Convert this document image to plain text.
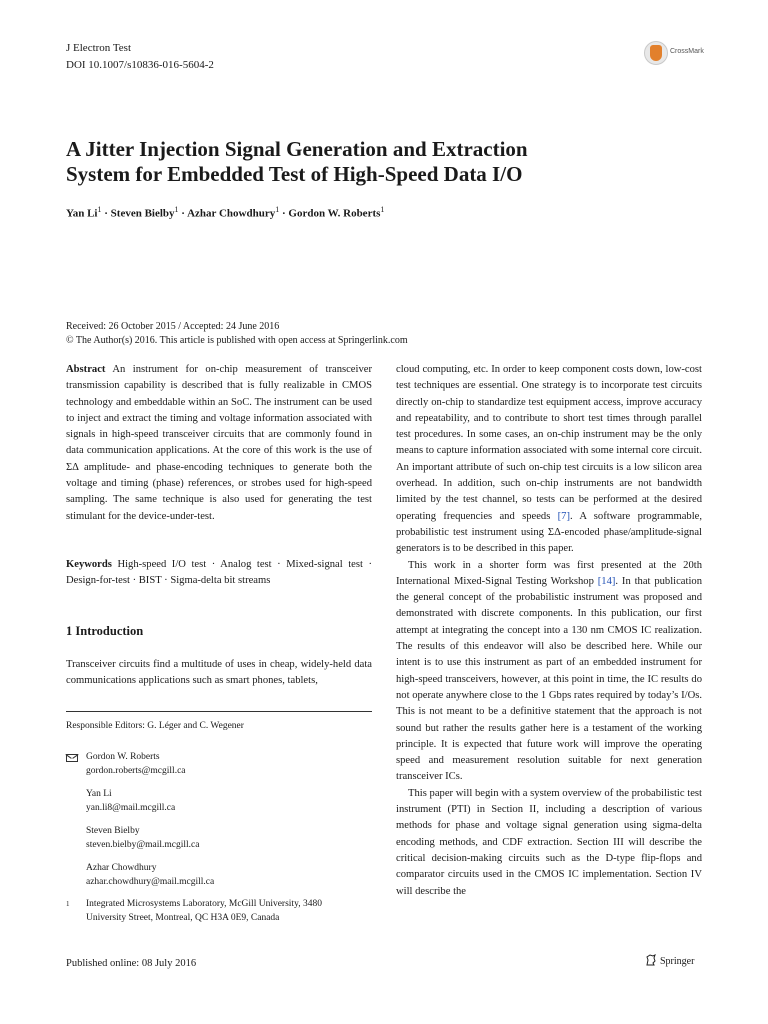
J Electron Test
DOI 10.1007/s10836-016-5604-2
CrossMark
A Jitter Injection Signal Generation and Extraction
System for Embedded Test of High-Speed Data I/O
Yan $Li^1$ · Steven Bielby$^1$ · Azhar Chowdhury$^1$ · Gordon W. Roberts$^1$
Received: 26 October 2015 / Accepted: 24 June 2016
© The Author(s) 2016. This article is published with open access at Springerlink.com

Abstract An instrument for on-chip measurement of transceiver transmission capability is described that is fully realizable in CMOS technology and embeddable within an SoC. The instrument can be used to inject and extract the timing and voltage information associated with signals in high-speed transceiver circuits that are commonly found in data communication applications. At the core of this work is the use of ΣΔ amplitude- and phase-encoding techniques to generate both the voltage and timing (phase) references, or strobes used for high-speed sampling. The same technique is also used for generating the test stimulant for the device-under-test.

Keywords High-speed I/O test · Analog test · Mixed-signal test · Design-for-test · BIST · Sigma-delta bit streams

1 Introduction

Transceiver circuits find a multitude of uses in cheap, widely-held data communications applications such as smart phones, tablets,

Responsible Editors: G. Léger and C. Wegener
Gordon W. Roberts
gordon.roberts@mcgill.ca
Yan Li
yan.li8@mail.mcgill.ca
Steven Bielby
steven.bielby@mail.mcgill.ca
Azhar Chowdhury
azhar.chowdhury@mail.mcgill.ca
1 Integrated Microsystems Laboratory, McGill University, 3480
University Street, Montreal, QC H3A 0E9, Canada

cloud computing, etc. In order to keep component costs down, low-cost test techniques are essential. One strategy is to incorporate test circuits directly on-chip to standardize test equipment access, improve accuracy and repeatability, and to contribute to short test times through parallel test procedures. In some cases, an on-chip instrument may be the only means to capture information associated with some internal core circuit. An important attribute of such on-chip test circuits is a low silicon area overhead. In addition, such on-chip instruments are not bandwidth limited by the test channel, so tests can be performed at the desired operating frequencies and speeds [7]. A software programmable, probabilistic test instrument using ΣΔ-encoded phase/amplitude-signal generators is to be described in this paper.

This work in a shorter form was first presented at the 20th International Mixed-Signal Testing Workshop [14]. In that publication the general concept of the probabilistic instrument was proposed and demonstrated with discrete components. In this publication, our first attempt at integrating the concept into a 130 nm CMOS IC realization. The results of this endeavor will also be described here. While our intent is to use this instrument as part of an embedded instrument for high-speed transceivers, however, at this point in time, the IC results do not operate anywhere close to the 1 Gbps rates required by today’s I/Os. This is not meant to be a definitive statement that the approach is not sound but rather the results gather here is a testament of the working principle. It is expected that future work will improve the operating speed and measurement resolution suitable for next generation transceiver ICs.

This paper will begin with a system overview of the probabilistic test instrument (PTI) in Section II, including a description of various methods for phase and voltage signal generation using sigma-delta encoding methods, and CDF extraction. Section III will describe the critical decision-making circuits such as the D-type flip-flops and comparator circuits used in the CMOS IC implementation. Section IV will describe the

Published online: 08 July 2016	Springer
